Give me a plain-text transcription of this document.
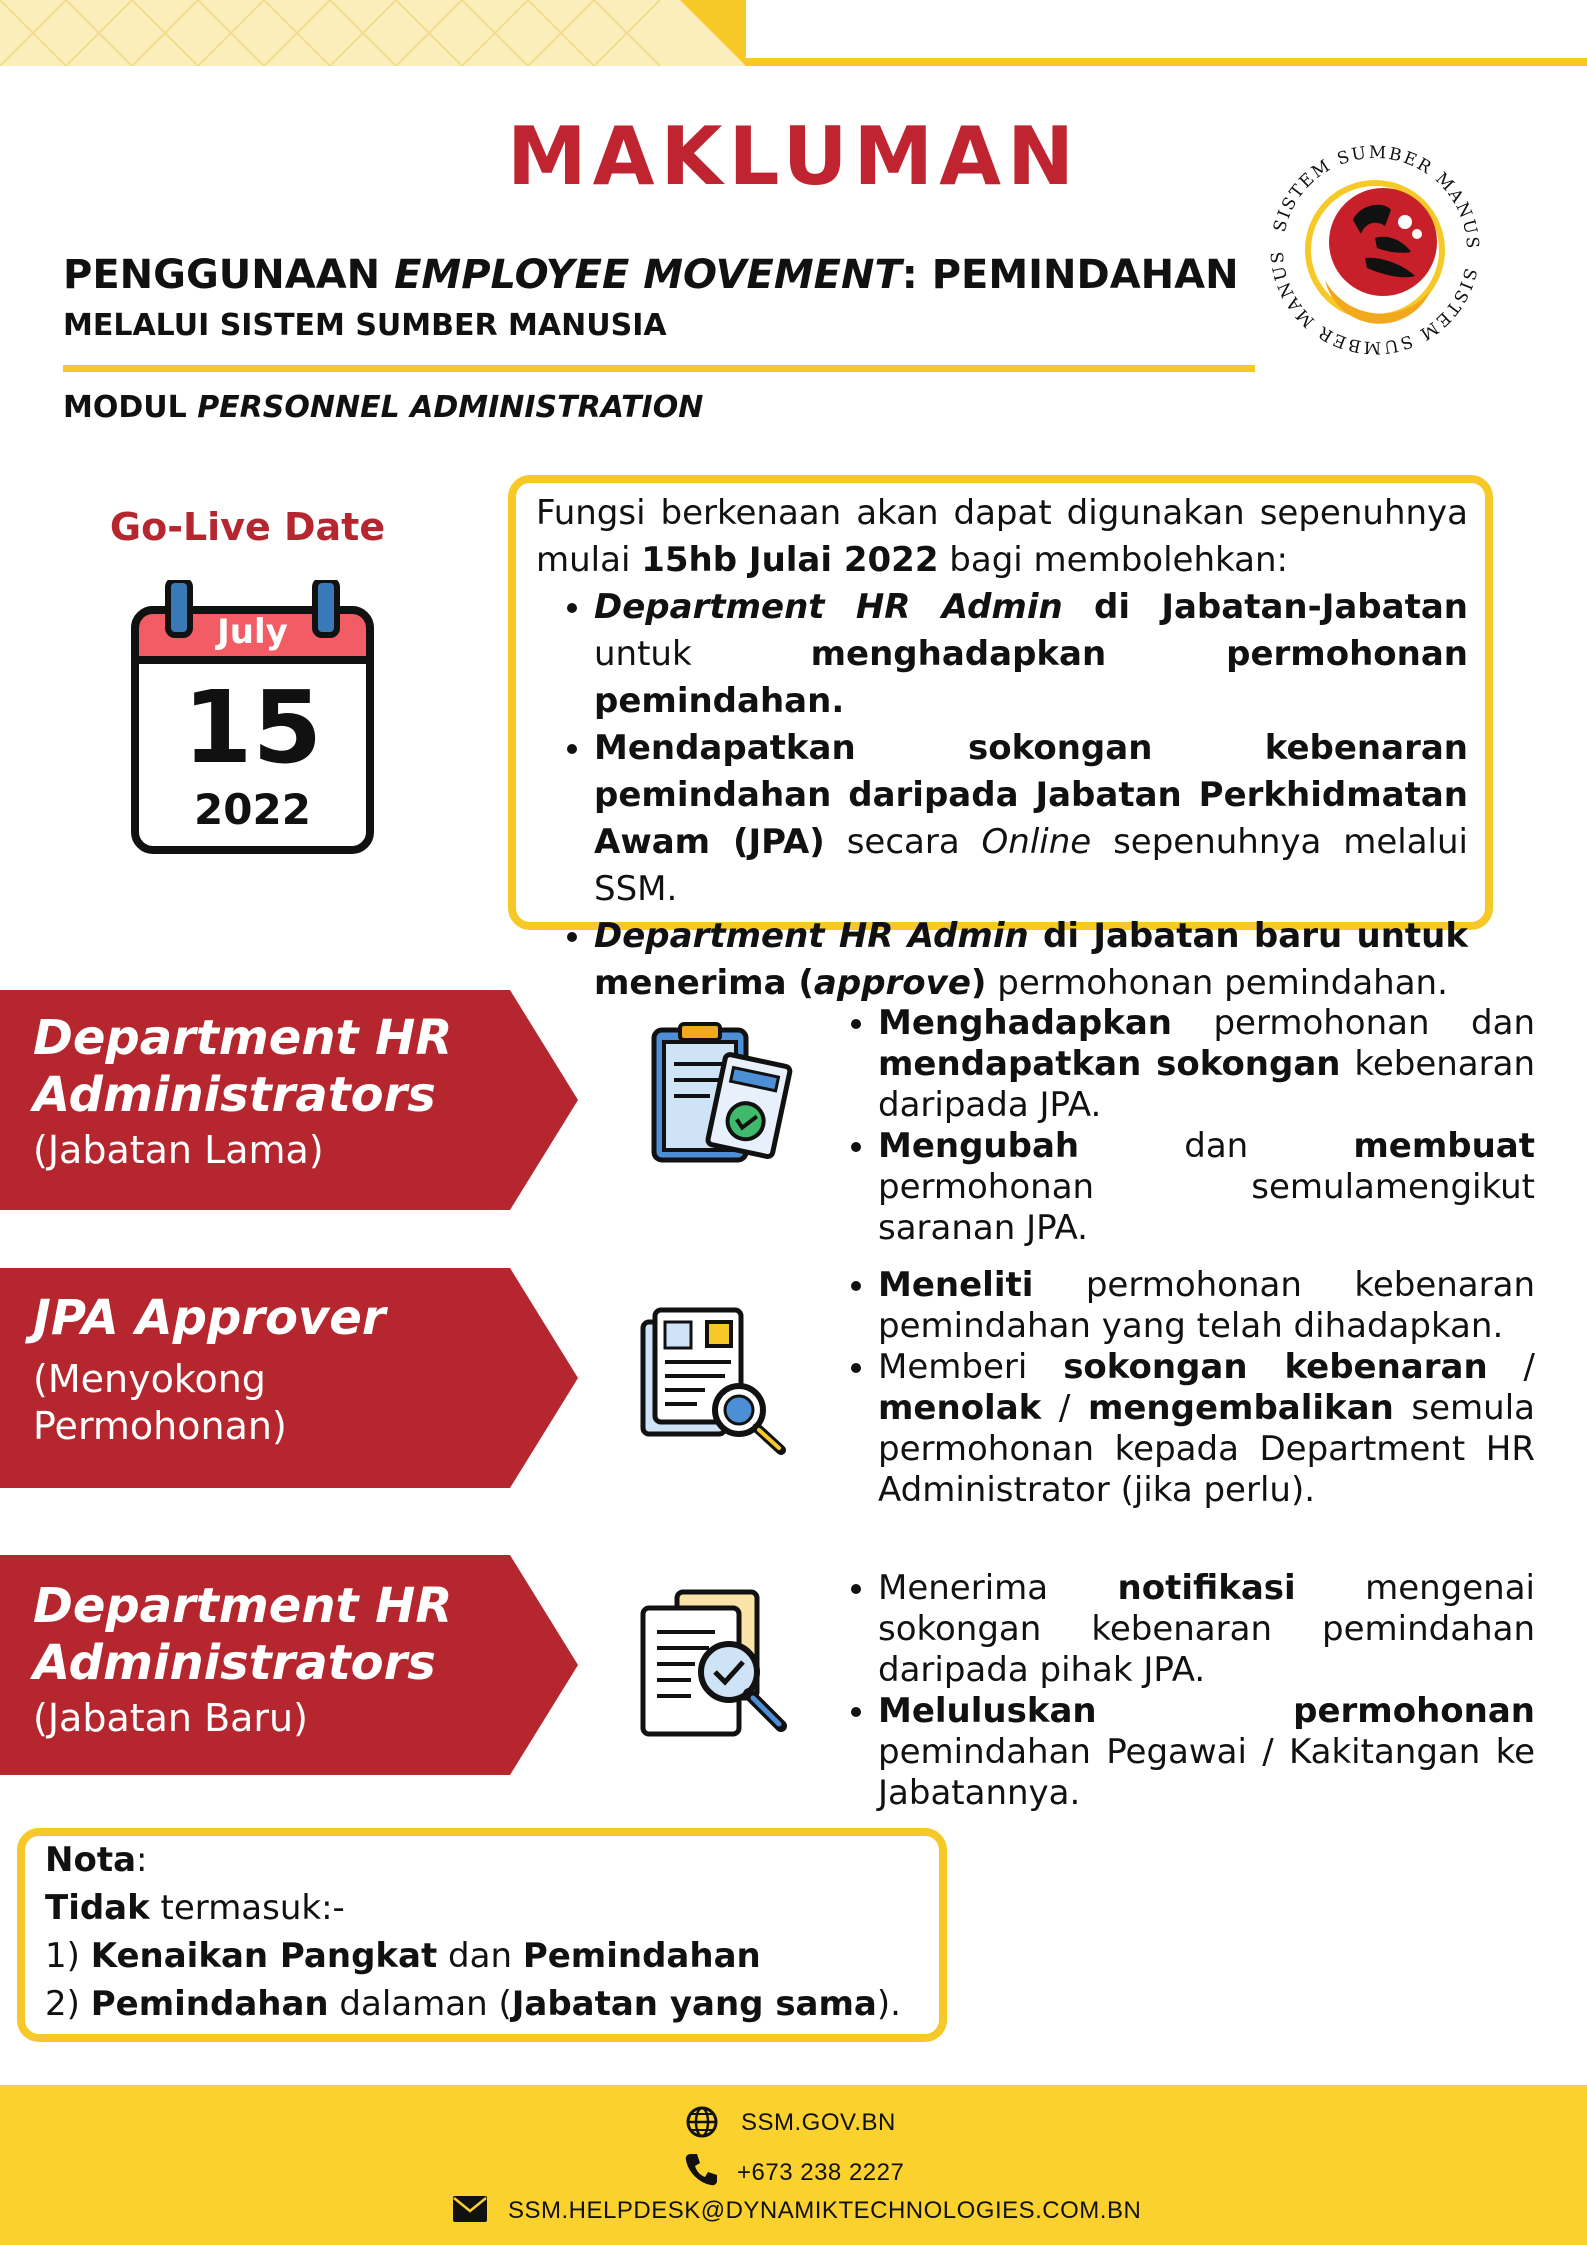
MAKLUMAN
PENGGUNAAN EMPLOYEE MOVEMENT: PEMINDAHAN
MELALUI SISTEM SUMBER MANUSIA
MODUL PERSONNEL ADMINISTRATION
SISTEM SUMBER MANUS
SISTEM SUMBER MANUS
Go-Live Date
July
15
2022

Fungsi berkenaan akan dapat digunakan sepenuhnya mulai 15hb Julai 2022 bagi membolehkan:

• Department HR Admin di Jabatan-Jabatan untuk menghadapkan permohonan pemindahan.
• Mendapatkan sokongan kebenaran pemindahan daripada Jabatan Perkhidmatan Awam (JPA) secara Online sepenuhnya melalui SSM.
• Department HR Admin di Jabatan baru untuk menerima (approve) permohonan pemindahan.
Department HR
Administrators
(Jabatan Lama)
• Menghadapkan permohonan dan mendapatkan sokongan kebenaran daripada JPA.
• Mengubah dan membuat permohonan semulamengikut saranan JPA.
JPA Approver
(Menyokong
Permohonan)
• Meneliti permohonan kebenaran pemindahan yang telah dihadapkan.
• Memberi sokongan kebenaran / menolak / mengembalikan semula permohonan kepada Department HR Administrator (jika perlu).
Department HR
Administrators
(Jabatan Baru)
• Menerima notifikasi mengenai sokongan kebenaran pemindahan daripada pihak JPA.
• Meluluskan permohonan pemindahan Pegawai / Kakitangan ke Jabatannya.

Nota:

Tidak termasuk:-

1) Kenaikan Pangkat dan Pemindahan

2) Pemindahan dalaman (Jabatan yang sama).

SSM.GOV.BN
+673 238 2227
SSM.HELPDESK@DYNAMIKTECHNOLOGIES.COM.BN
